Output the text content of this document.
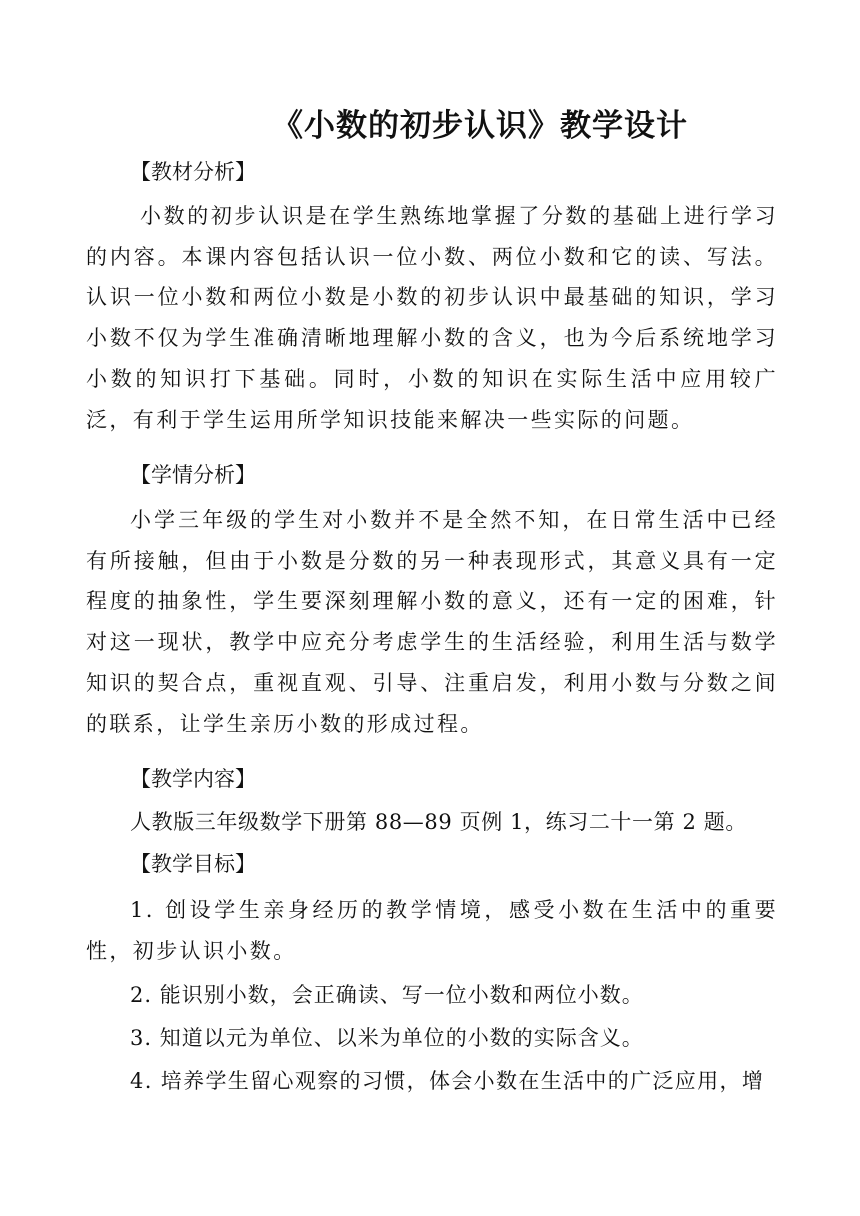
《小数的初步认识》教学设计
【教材分析】
小数的初步认识是在学生熟练地掌握了分数的基础上进行学习的内容。本课内容包括认识一位小数、两位小数和它的读、写法。认识一位小数和两位小数是小数的初步认识中最基础的知识，学习小数不仅为学生准确清晰地理解小数的含义，也为今后系统地学习小数的知识打下基础。同时，小数的知识在实际生活中应用较广泛，有利于学生运用所学知识技能来解决一些实际的问题。
【学情分析】
小学三年级的学生对小数并不是全然不知，在日常生活中已经有所接触，但由于小数是分数的另一种表现形式，其意义具有一定程度的抽象性，学生要深刻理解小数的意义，还有一定的困难，针对这一现状，教学中应充分考虑学生的生活经验，利用生活与数学知识的契合点，重视直观、引导、注重启发，利用小数与分数之间的联系，让学生亲历小数的形成过程。
【教学内容】
人教版三年级数学下册第 88—89 页例 1，练习二十一第 2 题。
【教学目标】
1. 创设学生亲身经历的教学情境，感受小数在生活中的重要性，初步认识小数。
2. 能识别小数，会正确读、写一位小数和两位小数。
3. 知道以元为单位、以米为单位的小数的实际含义。
4. 培养学生留心观察的习惯，体会小数在生活中的广泛应用，增
